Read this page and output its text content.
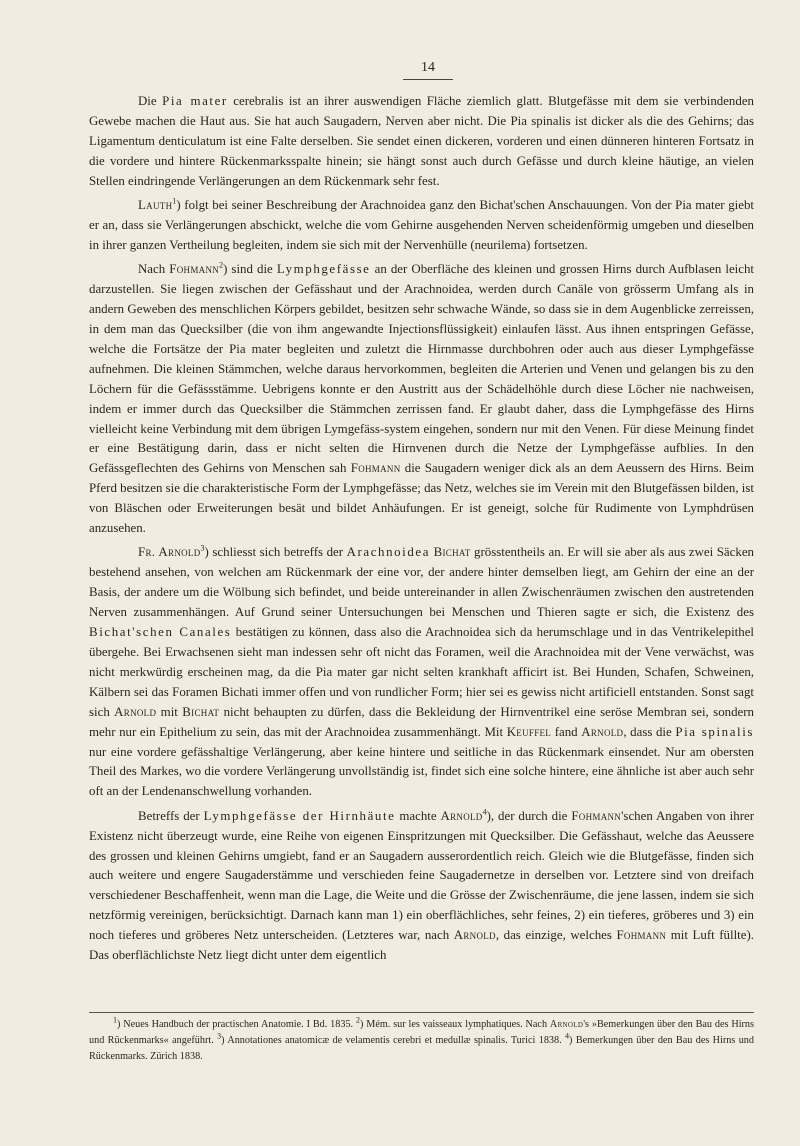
14

Die Pia mater cerebralis ist an ihrer auswendigen Fläche ziemlich glatt. Blutgefässe mit dem sie verbindenden Gewebe machen die Haut aus. Sie hat auch Saugadern, Nerven aber nicht. Die Pia spinalis ist dicker als die des Gehirns; das Ligamentum denticulatum ist eine Falte derselben. Sie sendet einen dickeren, vorderen und einen dünneren hinteren Fortsatz in die vordere und hintere Rückenmarksspalte hinein; sie hängt sonst auch durch Gefässe und durch kleine häutige, an vielen Stellen eindringende Verlängerungen an dem Rückenmark sehr fest.

Lauth$^1$) folgt bei seiner Beschreibung der Arachnoidea ganz den Bichat'schen Anschauungen. Von der Pia mater giebt er an, dass sie Verlängerungen abschickt, welche die vom Gehirne ausgehenden Nerven scheidenförmig umgeben und dieselben in ihrer ganzen Vertheilung begleiten, indem sie sich mit der Nervenhülle (neurilema) fortsetzen.

Nach Fohmann$^2$) sind die Lymphgefässe an der Oberfläche des kleinen und grossen Hirns durch Aufblasen leicht darzustellen. Sie liegen zwischen der Gefässhaut und der Arachnoidea, werden durch Canäle von grösserm Umfang als in andern Geweben des menschlichen Körpers gebildet, besitzen sehr schwache Wände, so dass sie in dem Augenblicke zerreissen, in dem man das Quecksilber (die von ihm angewandte Injectionsflüssigkeit) einlaufen lässt. Aus ihnen entspringen Gefässe, welche die Fortsätze der Pia mater begleiten und zuletzt die Hirnmasse durchbohren oder auch aus dieser Lymphgefässe aufnehmen. Die kleinen Stämmchen, welche daraus hervorkommen, begleiten die Arterien und Venen und gelangen bis zu den Löchern für die Gefässstämme. Uebrigens konnte er den Austritt aus der Schädelhöhle durch diese Löcher nie nachweisen, indem er immer durch das Quecksilber die Stämmchen zerrissen fand. Er glaubt daher, dass die Lymphgefässe des Hirns vielleicht keine Verbindung mit dem übrigen Lymgefäss-system eingehen, sondern nur mit den Venen. Für diese Meinung findet er eine Bestätigung darin, dass er nicht selten die Hirnvenen durch die Netze der Lymphgefässe aufblies. In den Gefässgeflechten des Gehirns von Menschen sah Fohmann die Saugadern weniger dick als an dem Aeussern des Hirns. Beim Pferd besitzen sie die charakteristische Form der Lymphgefässe; das Netz, welches sie im Verein mit den Blutgefässen bilden, ist von Bläschen oder Erweiterungen besät und bildet Anhäufungen. Er ist geneigt, solche für Rudimente von Lymphdrüsen anzusehen.

Fr. Arnold$^3$) schliesst sich betreffs der Arachnoidea Bichat grösstentheils an. Er will sie aber als aus zwei Säcken bestehend ansehen, von welchen am Rückenmark der eine vor, der andere hinter demselben liegt, am Gehirn der eine an der Basis, der andere um die Wölbung sich befindet, und beide untereinander in allen Zwischenräumen zwischen den austretenden Nerven zusammenhängen. Auf Grund seiner Untersuchungen bei Menschen und Thieren sagte er sich, die Existenz des Bichat'schen Canales bestätigen zu können, dass also die Arachnoidea sich da herumschlage und in das Ventrikelepithel übergehe. Bei Erwachsenen sieht man indessen sehr oft nicht das Foramen, weil die Arachnoidea mit der Vene verwächst, was nicht merkwürdig erscheinen mag, da die Pia mater gar nicht selten krankhaft afficirt ist. Bei Hunden, Schafen, Schweinen, Kälbern sei das Foramen Bichati immer offen und von rundlicher Form; hier sei es gewiss nicht artificiell entstanden. Sonst sagt sich Arnold mit Bichat nicht behaupten zu dürfen, dass die Bekleidung der Hirnventrikel eine seröse Membran sei, sondern mehr nur ein Epithelium zu sein, das mit der Arachnoidea zusammenhängt. Mit Keuffel fand Arnold, dass die Pia spinalis nur eine vordere gefässhaltige Verlängerung, aber keine hintere und seitliche in das Rückenmark einsendet. Nur am obersten Theil des Markes, wo die vordere Verlängerung unvollständig ist, findet sich eine solche hintere, eine ähnliche ist aber auch sehr oft an der Lendenanschwellung vorhanden.

Betreffs der Lymphgefässe der Hirnhäute machte Arnold$^4$), der durch die Fohmann'schen Angaben von ihrer Existenz nicht überzeugt wurde, eine Reihe von eigenen Einspritzungen mit Quecksilber. Die Gefässhaut, welche das Aeussere des grossen und kleinen Gehirns umgiebt, fand er an Saugadern ausserordentlich reich. Gleich wie die Blutgefässe, finden sich auch weitere und engere Saugaderstämme und verschieden feine Saugadernetze in derselben vor. Letztere sind von dreifach verschiedener Beschaffenheit, wenn man die Lage, die Weite und die Grösse der Zwischenräume, die jene lassen, indem sie sich netzförmig vereinigen, berücksichtigt. Darnach kann man 1) ein oberflächliches, sehr feines, 2) ein tieferes, gröberes und 3) ein noch tieferes und gröberes Netz unterscheiden. (Letzteres war, nach Arnold, das einzige, welches Fohmann mit Luft füllte). Das oberflächlichste Netz liegt dicht unter dem eigentlich

$^1$) Neues Handbuch der practischen Anatomie. I Bd. 1835. $^2$) Mém. sur les vaisseaux lymphatiques. Nach Arnold's »Bemerkungen über den Bau des Hirns und Rückenmarks« angeführt. $^3$) Annotationes anatomicæ de velamentis cerebri et medullæ spinalis. Turici 1838. $^4$) Bemerkungen über den Bau des Hirns und Rückenmarks. Zürich 1838.
